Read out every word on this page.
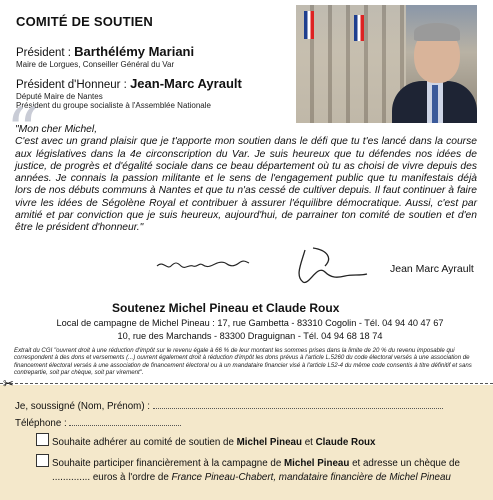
COMITÉ DE SOUTIEN
Président : Barthélémy Mariani
Maire de Lorgues, Conseiller Général du Var
Président d'Honneur : Jean-Marc Ayrault
Député Maire de Nantes
Président du groupe socialiste à l'Assemblée Nationale
“
"Mon cher Michel,
C'est avec un grand plaisir que je t'apporte mon soutien dans le défi que tu t'es lancé dans la course aux législatives dans la 4e circonscription du Var. Je suis heureux que tu défendes nos idées de justice, de progrès et d'égalité sociale dans ce beau département où tu as choisi de vivre depuis des années. Je connais la passion militante et le sens de l'engagement public que tu manifestais déjà lors de nos débuts communs à Nantes et que tu n'as cessé de cultiver depuis. Il faut continuer à faire vivre les idées de Ségolène Royal et contribuer à assurer l'équilibre démocratique. Aussi, c'est par amitié et par conviction que je suis heureux, aujourd'hui, de parrainer ton comité de soutien et d'en être le président d'honneur."
Jean Marc Ayrault
Soutenez Michel Pineau et Claude Roux
Local de campagne de Michel Pineau : 17, rue Gambetta - 83310 Cogolin - Tél. 04 94 40 47 67
10, rue des Marchands - 83300 Draguignan - Tél. 04 94 68 18 74
Extrait du CGI "ouvrent droit à une réduction d'impôt sur le revenu égale à 66 % de leur montant les sommes prises dans la limite de 20 % du revenu imposable qui correspondent à des dons et versements (...) ouvrent également droit à réduction d'impôt les dons prévus à l'article L.5260 du code électoral versés à une association de financement électoral versés à une association de financement électoral ou à un mandataire financier visé à l'article L52-4 du même code consentis à titre définitif et sans contrepartie, soit par chèque, soit par virement".
✂
Je, soussigné (Nom, Prénom) :
Téléphone :
Souhaite adhérer au comité de soutien de Michel Pineau et Claude Roux
Souhaite participer financièrement à la campagne de Michel Pineau et adresse un chèque de
.............. euros à l'ordre de France Pineau-Chabert, mandataire financière de Michel Pineau
